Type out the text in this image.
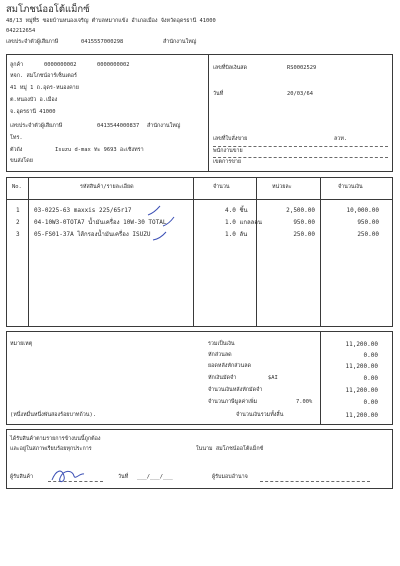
สมโภชน์ออโต้แม็กซ์
48/13 หมู่ที่5 ซอยบ้านหนองเจริญ ตำบลหมากแข้ง อำเภอเมือง จังหวัดอุดรธานี 41000
042212654
เลขประจำตัวผู้เสียภาษี	0415557000298	สำนักงานใหญ่
ลูกค้า	0000000002	0000000002
หจก. สมโภชน์อาร์เซ็นเตอร์
41 หมู่ 1 ถ.อุดร-หนองคาย
ต.หนองบัว อ.เมือง
จ.อุดรธานี 41000
เลขประจำตัวผู้เสียภาษี	0413544000837 สำนักงานใหญ่
โทร.
ตัวถัง	Isuzu d-max ทะ 9693 อะเชิงทรา
ขนส่งโดย
เลขที่บิลเงินสด	RS0002529
วันที่	20/03/64
เลขที่ใบสั่งขาย	ลวท.
พนักงานขาย
เขตการขาย
No.	รหัสสินค้า/รายละเอียด	จำนวน	หน่วยละ	จำนวนเงิน
1 03-0225-63 maxxis 225/65r17	4.0 ชิ้น	2,500.00	10,000.00
2 04-10W3-0TOTA7 น้ำมันเครื่อง 10W-30 TOTAL	1.0 แกลลอน	950.00	950.00
3 05-FS01-37A ไส้กรองน้ำมันเครื่อง ISUZU	1.0 ลัน	250.00	250.00
หมายเหตุ
(หนึ่งหมื่นหนึ่งพันสองร้อยบาทถ้วน).
รวมเป็นเงิน	11,200.00
หักส่วนลด	0.00
ยอดหลังหักส่วนลด	11,200.00
หักเงินมัดจำ	$AI	0.00
จำนวนเงินหลังหักมัดจำ	11,200.00
จำนวนภาษีมูลค่าเพิ่ม	7.00%	0.00
จำนวนเงินรวมทั้งสิ้น	11,200.00
ได้รับสินค้าตามรายการข้างบนนี้ถูกต้อง
และอยู่ในสภาพเรียบร้อยทุกประการ	ในนาม สมโภชน์ออโต้แม็กซ์
ผู้รับสินค้า	วันที่ ___/___/___	ผู้รับมอบอำนาจ
